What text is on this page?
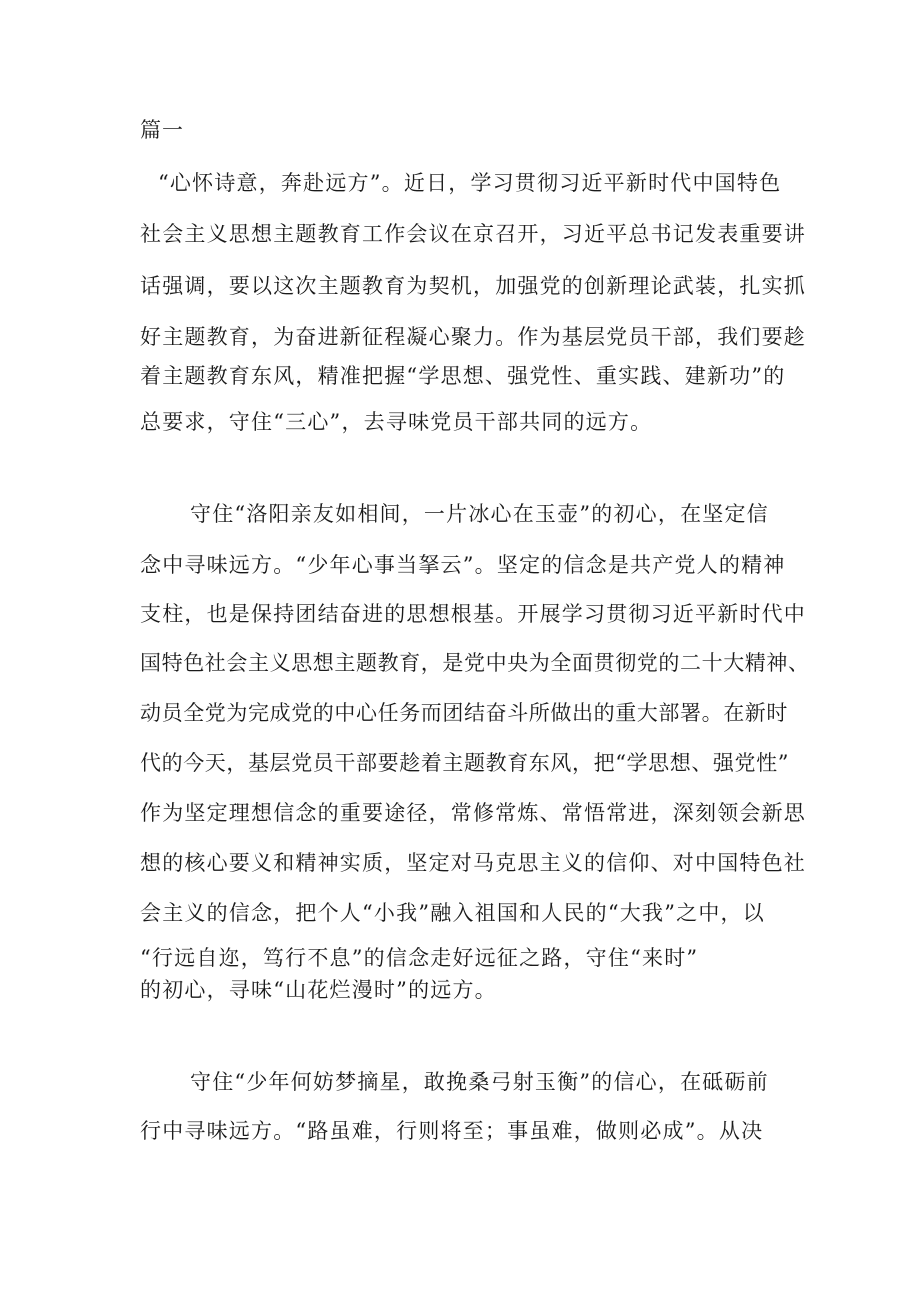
篇一
“心怀诗意，奔赴远方”。近日，学习贯彻习近平新时代中国特色
社会主义思想主题教育工作会议在京召开，习近平总书记发表重要讲
话强调，要以这次主题教育为契机，加强党的创新理论武装，扎实抓
好主题教育，为奋进新征程凝心聚力。作为基层党员干部，我们要趁
着主题教育东风，精准把握“学思想、强党性、重实践、建新功”的
总要求，守住“三心”，去寻味党员干部共同的远方。
守住“洛阳亲友如相间，一片冰心在玉壶”的初心，在坚定信
念中寻味远方。“少年心事当拏云”。坚定的信念是共产党人的精神
支柱，也是保持团结奋进的思想根基。开展学习贯彻习近平新时代中
国特色社会主义思想主题教育，是党中央为全面贯彻党的二十大精神、
动员全党为完成党的中心任务而团结奋斗所做出的重大部署。在新时
代的今天，基层党员干部要趁着主题教育东风，把“学思想、强党性”
作为坚定理想信念的重要途径，常修常炼、常悟常进，深刻领会新思
想的核心要义和精神实质，坚定对马克思主义的信仰、对中国特色社
会主义的信念，把个人“小我”融入祖国和人民的“大我”之中，以
“行远自迩，笃行不息”的信念走好远征之路，守住“来时”
的初心，寻味“山花烂漫时”的远方。
守住“少年何妨梦摘星，敢挽桑弓射玉衡”的信心，在砥砺前
行中寻味远方。“路虽难，行则将至；事虽难，做则必成”。从决
